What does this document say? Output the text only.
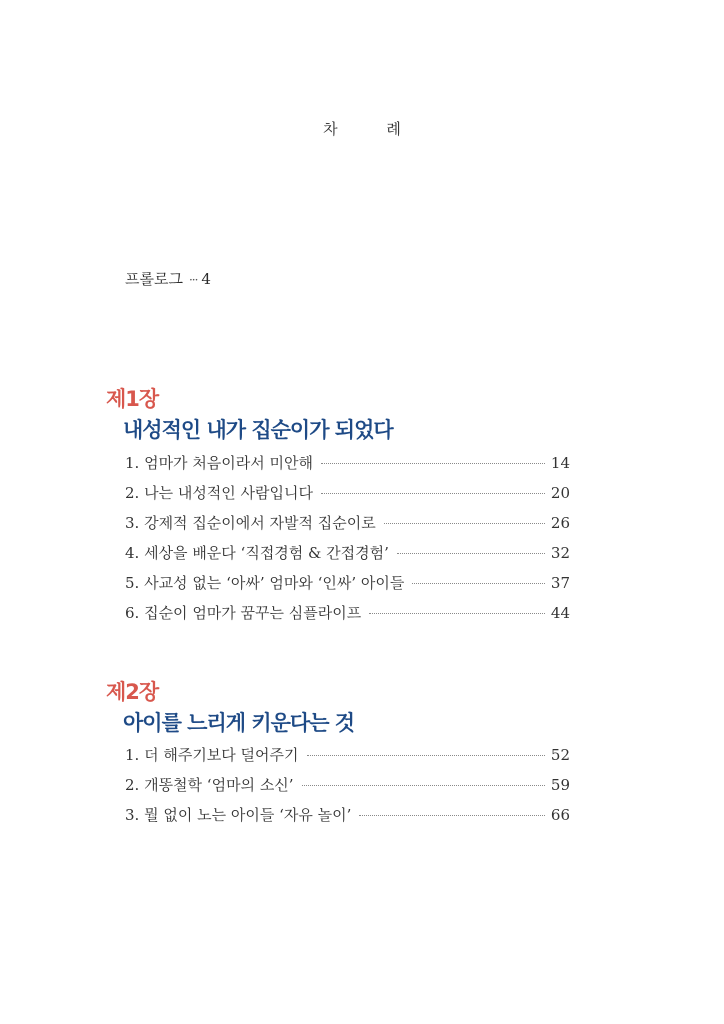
차 례
프롤로그 ··· 4
제1장
내성적인 내가 집순이가 되었다
1. 엄마가 처음이라서 미안해	14
2. 나는 내성적인 사람입니다	20
3. 강제적 집순이에서 자발적 집순이로	26
4. 세상을 배운다 ‘직접경험 & 간접경험’	32
5. 사교성 없는 ‘아싸’ 엄마와 ‘인싸’ 아이들	37
6. 집순이 엄마가 꿈꾸는 심플라이프	44
제2장
아이를 느리게 키운다는 것
1. 더 해주기보다 덜어주기	52
2. 개똥철학 ‘엄마의 소신’	59
3. 뭘 없이 노는 아이들 ‘자유 놀이’	66
